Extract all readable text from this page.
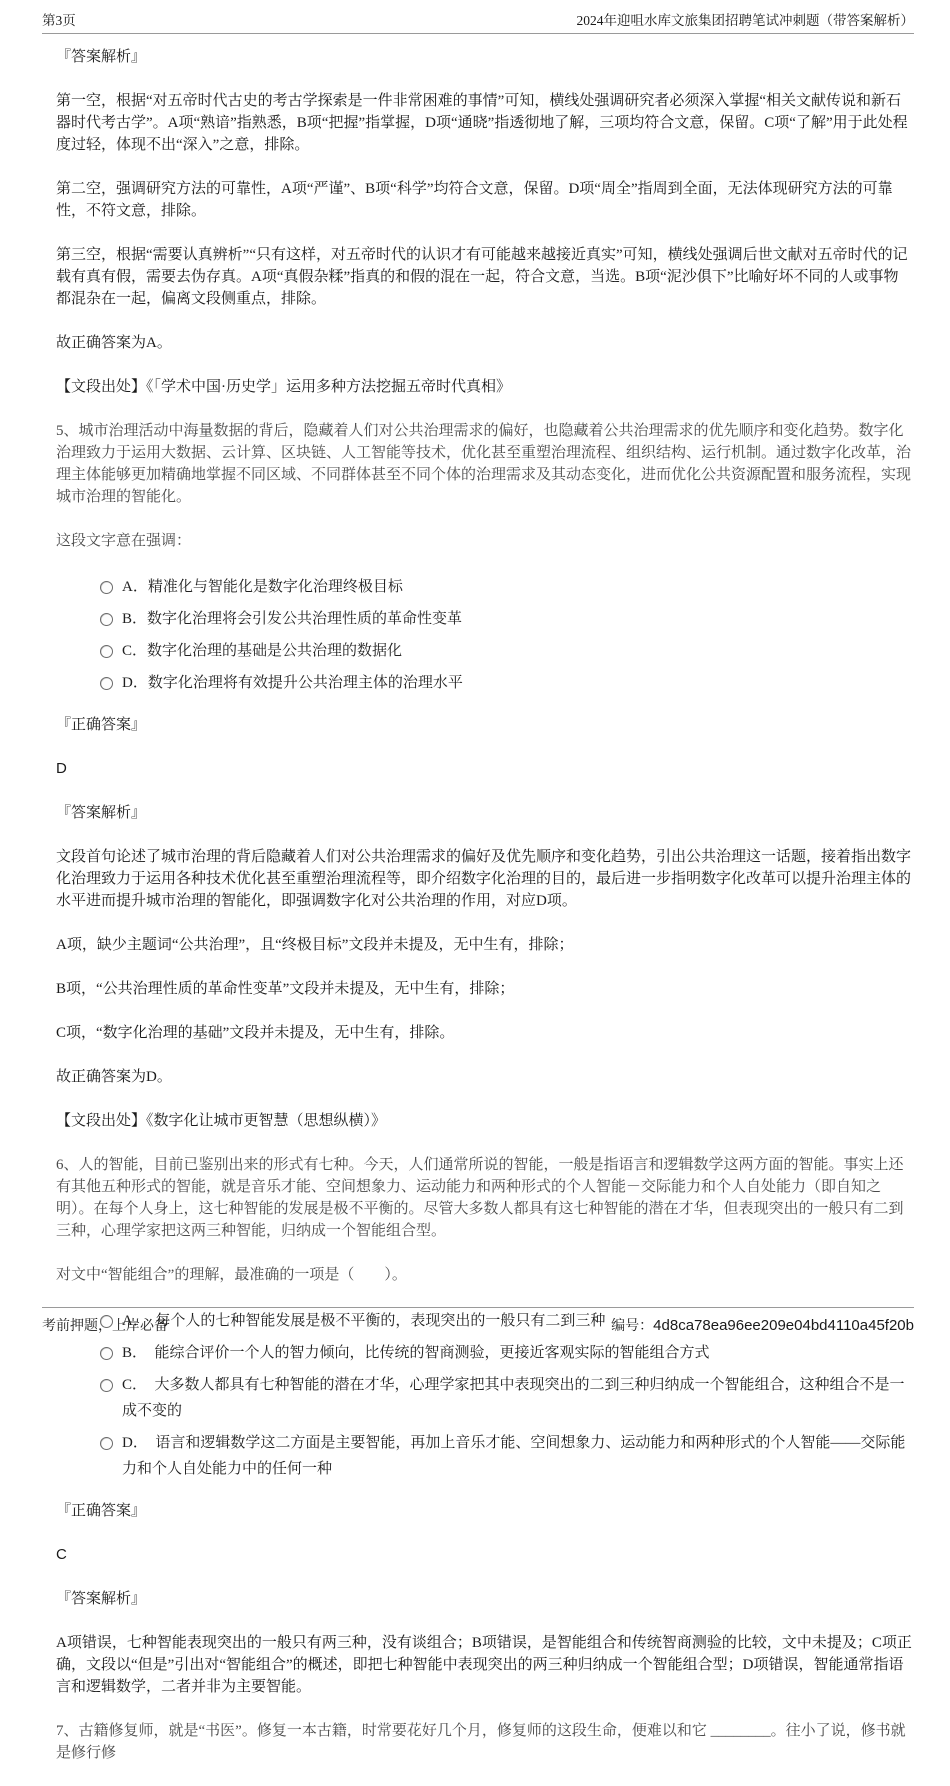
第3页	2024年迎咀水库文旅集团招聘笔试冲刺题（带答案解析）

『答案解析』

第一空，根据“对五帝时代古史的考古学探索是一件非常困难的事情”可知，横线处强调研究者必须深入掌握“相关文献传说和新石器时代考古学”。A项“熟谙”指熟悉，B项“把握”指掌握，D项“通晓”指透彻地了解，三项均符合文意，保留。C项“了解”用于此处程度过轻，体现不出“深入”之意，排除。

第二空，强调研究方法的可靠性，A项“严谨”、B项“科学”均符合文意，保留。D项“周全”指周到全面，无法体现研究方法的可靠性，不符文意，排除。

第三空，根据“需要认真辨析”“只有这样，对五帝时代的认识才有可能越来越接近真实”可知，横线处强调后世文献对五帝时代的记载有真有假，需要去伪存真。A项“真假杂糅”指真的和假的混在一起，符合文意，当选。B项“泥沙俱下”比喻好坏不同的人或事物都混杂在一起，偏离文段侧重点，排除。

故正确答案为A。

【文段出处】《「学术中国·历史学」运用多种方法挖掘五帝时代真相》

5、城市治理活动中海量数据的背后，隐藏着人们对公共治理需求的偏好，也隐藏着公共治理需求的优先顺序和变化趋势。数字化治理致力于运用大数据、云计算、区块链、人工智能等技术，优化甚至重塑治理流程、组织结构、运行机制。通过数字化改革，治理主体能够更加精确地掌握不同区域、不同群体甚至不同个体的治理需求及其动态变化，进而优化公共资源配置和服务流程，实现城市治理的智能化。

这段文字意在强调：

A．精准化与智能化是数字化治理终极目标
B．数字化治理将会引发公共治理性质的革命性变革
C．数字化治理的基础是公共治理的数据化
D．数字化治理将有效提升公共治理主体的治理水平

『正确答案』

D

『答案解析』

文段首句论述了城市治理的背后隐藏着人们对公共治理需求的偏好及优先顺序和变化趋势，引出公共治理这一话题，接着指出数字化治理致力于运用各种技术优化甚至重塑治理流程等，即介绍数字化治理的目的，最后进一步指明数字化改革可以提升治理主体的水平进而提升城市治理的智能化，即强调数字化对公共治理的作用，对应D项。

A项，缺少主题词“公共治理”，且“终极目标”文段并未提及，无中生有，排除；

B项，“公共治理性质的革命性变革”文段并未提及，无中生有，排除；

C项，“数字化治理的基础”文段并未提及，无中生有，排除。

故正确答案为D。

【文段出处】《数字化让城市更智慧（思想纵横）》

6、人的智能，目前已鉴别出来的形式有七种。今天，人们通常所说的智能，一般是指语言和逻辑数学这两方面的智能。事实上还有其他五种形式的智能，就是音乐才能、空间想象力、运动能力和两种形式的个人智能－交际能力和个人自处能力（即自知之明）。在每个人身上，这七种智能的发展是极不平衡的。尽管大多数人都具有这七种智能的潜在才华，但表现突出的一般只有二到三种，心理学家把这两三种智能，归纳成一个智能组合型。

对文中“智能组合”的理解，最准确的一项是（　　）。

A．　每个人的七种智能发展是极不平衡的，表现突出的一般只有二到三种
B．　能综合评价一个人的智力倾向，比传统的智商测验，更接近客观实际的智能组合方式
C．　大多数人都具有七种智能的潜在才华，心理学家把其中表现突出的二到三种归纳成一个智能组合，这种组合不是一成不变的
D．　语言和逻辑数学这二方面是主要智能，再加上音乐才能、空间想象力、运动能力和两种形式的个人智能——交际能力和个人自处能力中的任何一种

『正确答案』

C

『答案解析』

A项错误，七种智能表现突出的一般只有两三种，没有谈组合；B项错误，是智能组合和传统智商测验的比较，文中未提及；C项正确，文段以“但是”引出对“智能组合”的概述，即把七种智能中表现突出的两三种归纳成一个智能组合型；D项错误，智能通常指语言和逻辑数学，二者并非为主要智能。

7、古籍修复师，就是“书医”。修复一本古籍，时常要花好几个月，修复师的这段生命，便难以和它 ________。往小了说，修书就是修行修

考前押题，上岸必备	编号：4d8ca78ea96ee209e04bd4110a45f20b
